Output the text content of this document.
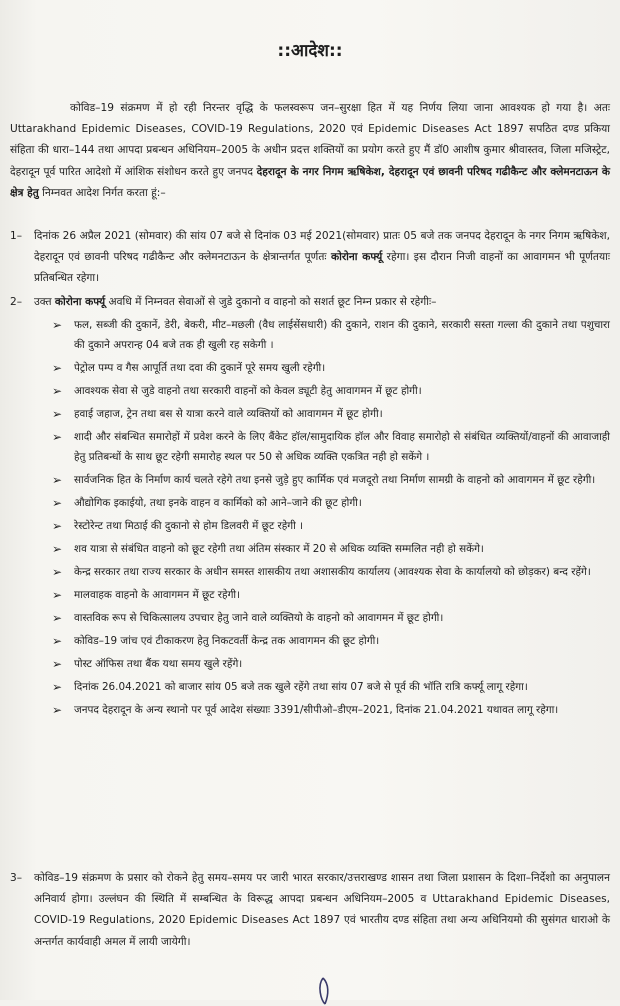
::आदेश::
कोविड–19 संक्रमण में हो रही निरन्तर वृद्धि के फलस्वरूप जन–सुरक्षा हित में यह निर्णय लिया जाना आवश्यक हो गया है। अतः Uttarakhand Epidemic Diseases, COVID-19 Regulations, 2020 एवं Epidemic Diseases Act 1897 सपठित दण्ड प्रकिया संहिता की धारा–144 तथा आपदा प्रबन्धन अधिनियम–2005 के अधीन प्रदत्त शक्तियों का प्रयोग करते हुए मैं डॉ0 आशीष कुमार श्रीवास्तव, जिला मजिस्ट्रेट, देहरादून पूर्व पारित आदेशो में आंशिक संशोधन करते हुए जनपद देहरादून के नगर निगम ऋषिकेश, देहरादून एवं छावनी परिषद गढीकैन्ट और क्लेमनटाऊन के क्षेत्र हेतु निम्नवत आदेश निर्गत करता हूं:–
1– दिनांक 26 अप्रैल 2021 (सोमवार) की सांय 07 बजे से दिनांक 03 मई 2021(सोमवार) प्रातः 05 बजे तक जनपद देहरादून के नगर निगम ऋषिकेश, देहरादून एवं छावनी परिषद गढीकैन्ट और क्लेमनटाऊन के क्षेत्रान्तर्गत पूर्णतः कोरोना कर्फ्यू रहेगा। इस दौरान निजी वाहनों का आवागमन भी पूर्णतयाः प्रतिबन्धित रहेगा।
2– उक्त कोरोना कर्फ्यू अवधि में निम्नवत सेवाओं से जुडे दुकानो व वाहनो को सशर्त छूट निम्न प्रकार से रहेगीः–
➢ फल, सब्जी की दुकानें, डेरी, बेकरी, मीट–मछली (वैध लाईसेंसधारी) की दुकाने, राशन की दुकाने, सरकारी सस्ता गल्ला की दुकाने तथा पशुचारा की दुकाने अपरान्ह 04 बजे तक ही खुली रह सकेगी ।
➢ पेट्रोल पम्प व गैस आपूर्ति तथा दवा की दुकानें पूरे समय खुली रहेगी।
➢ आवश्यक सेवा से जुडे वाहनो तथा सरकारी वाहनों को केवल ड्यूटी हेतु आवागमन में छूट होगी।
➢ हवाई जहाज, ट्रेन तथा बस से यात्रा करने वाले व्यक्तियों को आवागमन में छूट होगी।
➢ शादी और संबन्धित समारोहों में प्रवेश करने के लिए बैंकेट हॉल/सामुदायिक हॉल और विवाह समारोहो से संबंधित व्यक्तियों/वाहनों की आवाजाही हेतु प्रतिबन्धों के साथ छूट रहेगी समारोह स्थल पर 50 से अधिक व्यक्ति एकत्रित नही हो सकेंगे ।
➢ सार्वजनिक हित के निर्माण कार्य चलते रहेगे तथा इनसे जुड़े हुए कार्मिक एवं मजदूरो तथा निर्माण सामग्री के वाहनो को आवागमन में छूट रहेगी।
➢ औद्योगिक इकाईयो, तथा इनके वाहन व कार्मिको को आने–जाने की छूट होगी।
➢ रेस्टोरेन्ट तथा मिठाई की दुकानो से होम डिलवरी में छूट रहेगी ।
➢ शव यात्रा से संबंधित वाहनो को छूट रहेगी तथा अंतिम संस्कार में 20 से अधिक व्यक्ति सम्मलित नही हो सकेंगे।
➢ केन्द्र सरकार तथा राज्य सरकार के अधीन समस्त शासकीय तथा अशासकीय कार्यालय (आवश्यक सेवा के कार्यालयो को छोड़कर) बन्द रहेंगे।
➢ मालवाहक वाहनो के आवागमन में छूट रहेगी।
➢ वास्तविक रूप से चिकित्सालय उपचार हेतु जाने वाले व्यक्तियो के वाहनो को आवागमन में छूट होगी।
➢ कोविड–19 जांच एवं टीकाकरण हेतु निकटवर्ती केन्द्र तक आवागमन की छूट होगी।
➢ पोस्ट ऑफिस तथा बैंक यथा समय खुले रहेंगे।
➢ दिनांक 26.04.2021 को बाजार सांय 05 बजे तक खुले रहेंगे तथा सांय 07 बजे से पूर्व की भॉति रात्रि कर्फ्यू लागू रहेगा।
➢ जनपद देहरादून के अन्य स्थानो पर पूर्व आदेश संख्याः 3391/सीपीओ–डीएम–2021, दिनांक 21.04.2021 यथावत लागू रहेगा।
3– कोविड–19 संक्रमण के प्रसार को रोकने हेतु समय–समय पर जारी भारत सरकार/उत्तराखण्ड शासन तथा जिला प्रशासन के दिशा–निर्देशो का अनुपालन अनिवार्य होगा। उल्लंघन की स्थिति में सम्बन्धित के विरूद्ध आपदा प्रबन्धन अधिनियम–2005 व Uttarakhand Epidemic Diseases, COVID-19 Regulations, 2020 Epidemic Diseases Act 1897 एवं भारतीय दण्ड संहिता तथा अन्य अधिनियमो की सुसंगत धाराओ के अन्तर्गत कार्यवाही अमल में लायी जायेगी।
